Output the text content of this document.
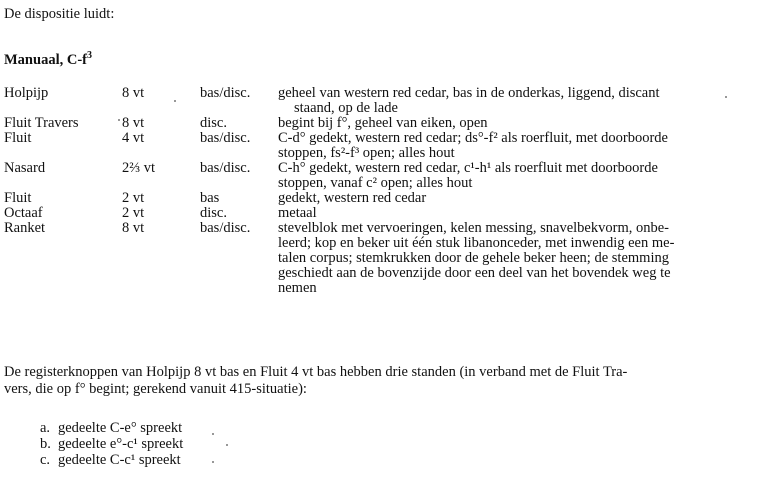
De dispositie luidt:
Manuaal, $C-f^3$
Holpijp	8 vt	bas/disc.	geheel van western red cedar, bas in de onderkas, liggend, discant
staand, op de lade

Fluit Travers	8 vt	disc.	begint bij f°, geheel van eiken, open

Fluit	4 vt	bas/disc.	C-d° gedekt, western red cedar; ds°-f² als roerfluit, met doorboorde
stoppen, fs²-f³ open; alles hout

Nasard	2⅔ vt	bas/disc.	C-h° gedekt, western red cedar, c¹-h¹ als roerfluit met doorboorde
stoppen, vanaf c² open; alles hout

Fluit	2 vt	bas	gedekt, western red cedar

Octaaf	2 vt	disc.	metaal

Ranket	8 vt	bas/disc.	stevelblok met vervoeringen, kelen messing, snavelbekvorm, onbe-
leerd; kop en beker uit één stuk libanonceder, met inwendig een me-
talen corpus; stemkrukken door de gehele beker heen; de stemming
geschiedt aan de bovenzijde door een deel van het bovendek weg te
nemen
De registerknoppen van Holpijp 8 vt bas en Fluit 4 vt bas hebben drie standen (in verband met de Fluit Tra-
vers, die op f° begint; gerekend vanuit 415-situatie):
a. gedeelte C-e° spreekt
b. gedeelte e°-c¹ spreekt
c. gedeelte C-c¹ spreekt
